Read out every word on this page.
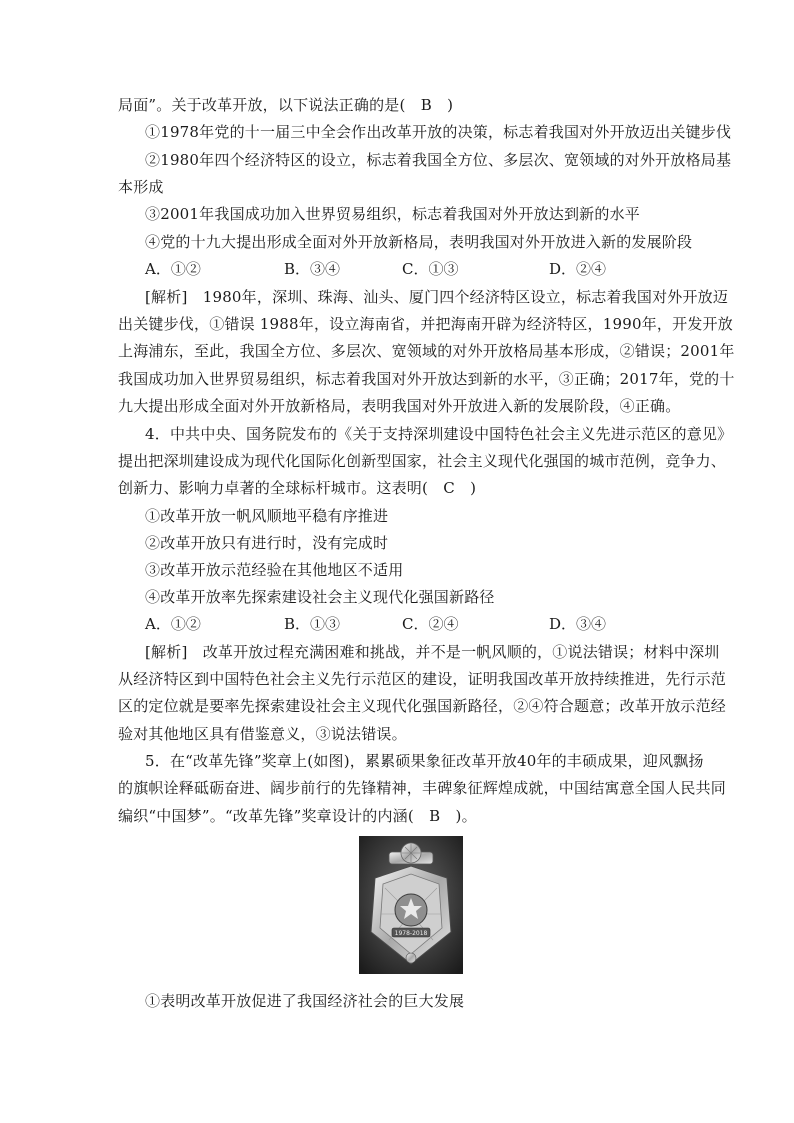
局面”。关于改革开放，以下说法正确的是(　B　)
①1978年党的十一届三中全会作出改革开放的决策，标志着我国对外开放迈出关键步伐
②1980年四个经济特区的设立，标志着我国全方位、多层次、宽领域的对外开放格局基
本形成
③2001年我国成功加入世界贸易组织，标志着我国对外开放达到新的水平
④党的十九大提出形成全面对外开放新格局，表明我国对外开放进入新的发展阶段
A．①②	B．③④	C．①③	D．②④
[解析]　1980年，深圳、珠海、汕头、厦门四个经济特区设立，标志着我国对外开放迈
出关键步伐，①错误 1988年，设立海南省，并把海南开辟为经济特区，1990年，开发开放
上海浦东，至此，我国全方位、多层次、宽领域的对外开放格局基本形成，②错误；2001年
我国成功加入世界贸易组织，标志着我国对外开放达到新的水平，③正确；2017年，党的十
九大提出形成全面对外开放新格局，表明我国对外开放进入新的发展阶段，④正确。
4．中共中央、国务院发布的《关于支持深圳建设中国特色社会主义先进示范区的意见》
提出把深圳建设成为现代化国际化创新型国家，社会主义现代化强国的城市范例，竞争力、
创新力、影响力卓著的全球标杆城市。这表明(　C　)
①改革开放一帆风顺地平稳有序推进
②改革开放只有进行时，没有完成时
③改革开放示范经验在其他地区不适用
④改革开放率先探索建设社会主义现代化强国新路径
A．①②	B．①③	C．②④	D．③④
[解析]　改革开放过程充满困难和挑战，并不是一帆风顺的，①说法错误；材料中深圳
从经济特区到中国特色社会主义先行示范区的建设，证明我国改革开放持续推进，先行示范
区的定位就是要率先探索建设社会主义现代化强国新路径，②④符合题意；改革开放示范经
验对其他地区具有借鉴意义，③说法错误。
5．在“改革先锋”奖章上(如图)，累累硕果象征改革开放40年的丰硕成果，迎风飘扬
的旗帜诠释砥砺奋进、阔步前行的先锋精神，丰碑象征辉煌成就，中国结寓意全国人民共同
编织“中国梦”。“改革先锋”奖章设计的内涵(　B　)。
1978-2018
①表明改革开放促进了我国经济社会的巨大发展
